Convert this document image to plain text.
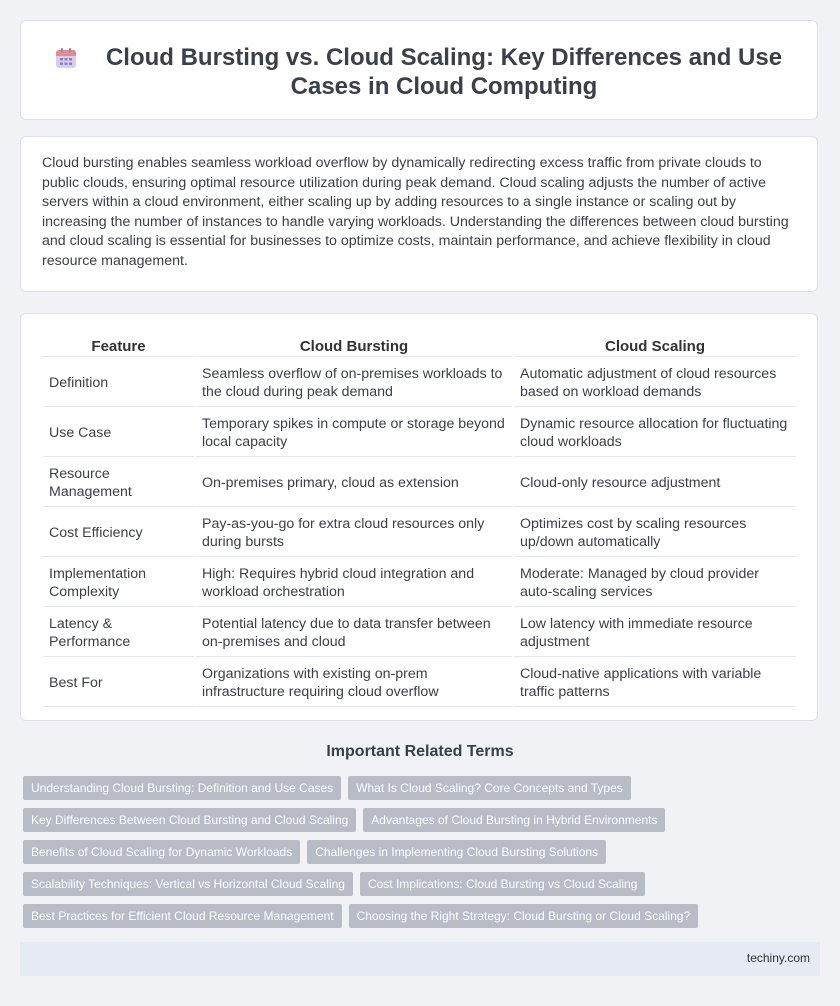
Cloud Bursting vs. Cloud Scaling: Key Differences and Use Cases in Cloud Computing

Cloud bursting enables seamless workload overflow by dynamically redirecting excess traffic from private clouds to public clouds, ensuring optimal resource utilization during peak demand. Cloud scaling adjusts the number of active servers within a cloud environment, either scaling up by adding resources to a single instance or scaling out by increasing the number of instances to handle varying workloads. Understanding the differences between cloud bursting and cloud scaling is essential for businesses to optimize costs, maintain performance, and achieve flexibility in cloud resource management.

Feature	Cloud Bursting	Cloud Scaling
Definition	Seamless overflow of on-premises workloads to the cloud during peak demand	Automatic adjustment of cloud resources based on workload demands
Use Case	Temporary spikes in compute or storage beyond local capacity	Dynamic resource allocation for fluctuating cloud workloads
Resource Management	On-premises primary, cloud as extension	Cloud-only resource adjustment
Cost Efficiency	Pay-as-you-go for extra cloud resources only during bursts	Optimizes cost by scaling resources up/down automatically
Implementation Complexity	High: Requires hybrid cloud integration and workload orchestration	Moderate: Managed by cloud provider auto-scaling services
Latency & Performance	Potential latency due to data transfer between on-premises and cloud	Low latency with immediate resource adjustment
Best For	Organizations with existing on-prem infrastructure requiring cloud overflow	Cloud-native applications with variable traffic patterns
Important Related Terms
Understanding Cloud Bursting: Definition and Use Cases	What Is Cloud Scaling? Core Concepts and Types
Key Differences Between Cloud Bursting and Cloud Scaling	Advantages of Cloud Bursting in Hybrid Environments
Benefits of Cloud Scaling for Dynamic Workloads	Challenges in Implementing Cloud Bursting Solutions
Scalability Techniques: Vertical vs Horizontal Cloud Scaling	Cost Implications: Cloud Bursting vs Cloud Scaling
Best Practices for Efficient Cloud Resource Management	Choosing the Right Strategy: Cloud Bursting or Cloud Scaling?
techiny.com
